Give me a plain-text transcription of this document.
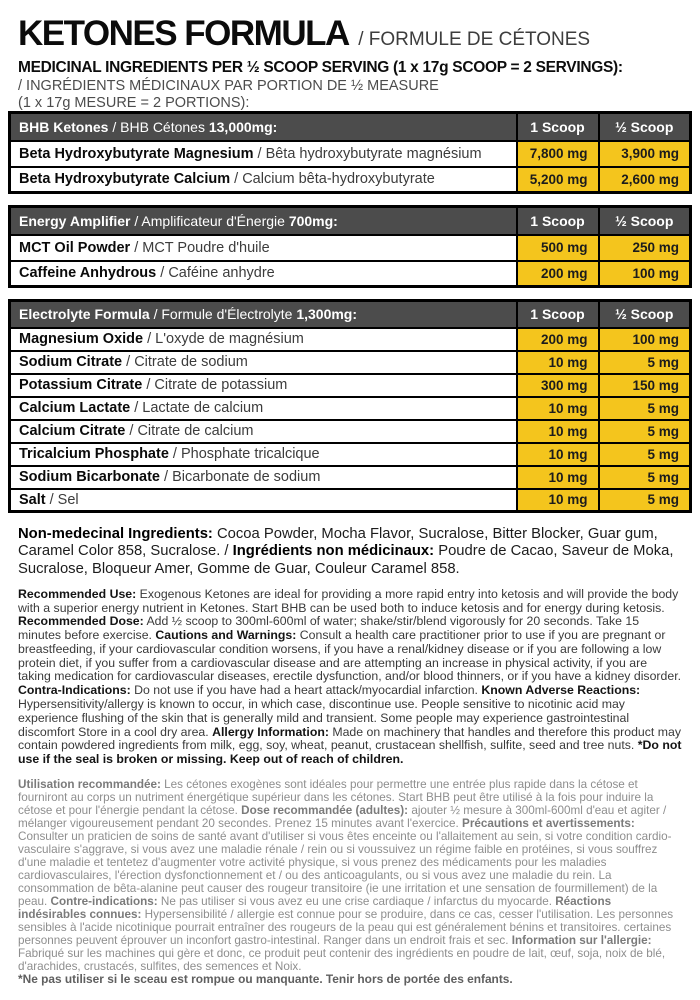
KETONES FORMULA / FORMULE DE CÉTONES
MEDICINAL INGREDIENTS PER ½ SCOOP SERVING (1 x 17g SCOOP = 2 SERVINGS):
/ INGRÉDIENTS MÉDICINAUX PAR PORTION DE ½ MEASURE
(1 x 17g MESURE = 2 PORTIONS):
BHB Ketones / BHB Cétones 13,000mg:	1 Scoop	½ Scoop
Beta Hydroxybutyrate Magnesium / Bêta hydroxybutyrate magnésium	7,800 mg	3,900 mg
Beta Hydroxybutyrate Calcium / Calcium bêta-hydroxybutyrate	5,200 mg	2,600 mg
Energy Amplifier / Amplificateur d'Énergie 700mg:	1 Scoop	½ Scoop
MCT Oil Powder / MCT Poudre d'huile	500 mg	250 mg
Caffeine Anhydrous / Caféine anhydre	200 mg	100 mg
Electrolyte Formula / Formule d'Électrolyte 1,300mg:	1 Scoop	½ Scoop
Magnesium Oxide / L'oxyde de magnésium	200 mg	100 mg
Sodium Citrate / Citrate de sodium	10 mg	5 mg
Potassium Citrate / Citrate de potassium	300 mg	150 mg
Calcium Lactate / Lactate de calcium	10 mg	5 mg
Calcium Citrate / Citrate de calcium	10 mg	5 mg
Tricalcium Phosphate / Phosphate tricalcique	10 mg	5 mg
Sodium Bicarbonate / Bicarbonate de sodium	10 mg	5 mg
Salt / Sel	10 mg	5 mg
Non-medecinal Ingredients: Cocoa Powder, Mocha Flavor, Sucralose, Bitter Blocker, Guar gum, Caramel Color 858, Sucralose. / Ingrédients non médicinaux: Poudre de Cacao, Saveur de Moka, Sucralose, Bloqueur Amer, Gomme de Guar, Couleur Caramel 858.
Recommended Use: Exogenous Ketones are ideal for providing a more rapid entry into ketosis and will provide the body with a superior energy nutrient in Ketones. Start BHB can be used both to induce ketosis and for energy during ketosis. Recommended Dose: Add ½ scoop to 300ml-600ml of water; shake/stir/blend vigorously for 20 seconds. Take 15 minutes before exercise. Cautions and Warnings: Consult a health care practitioner prior to use if you are pregnant or breastfeeding, if your cardiovascular condition worsens, if you have a renal/kidney disease or if you are following a low protein diet, if you suffer from a cardiovascular disease and are attempting an increase in physical activity, if you are taking medication for cardiovascular diseases, erectile dysfunction, and/or blood thinners, or if you have a kidney disorder. Contra-Indications: Do not use if you have had a heart attack/myocardial infarction. Known Adverse Reactions: Hypersensitivity/allergy is known to occur, in which case, discontinue use. People sensitive to nicotinic acid may experience flushing of the skin that is generally mild and transient. Some people may experience gastrointestinal discomfort Store in a cool dry area. Allergy Information: Made on machinery that handles and therefore this product may contain powdered ingredients from milk, egg, soy, wheat, peanut, crustacean shellfish, sulfite, seed and tree nuts. *Do not use if the seal is broken or missing. Keep out of reach of children.
Utilisation recommandée: Les cétones exogènes sont idéales pour permettre une entrée plus rapide dans la cétose et fourniront au corps un nutriment énergétique supérieur dans les cétones. Start BHB peut être utilisé à la fois pour induire la cétose et pour l'énergie pendant la cétose. Dose recommandée (adultes): ajouter ½ mesure à 300ml-600ml d'eau et agiter / mélanger vigoureusement pendant 20 secondes. Prenez 15 minutes avant l'exercice. Précautions et avertissements: Consulter un praticien de soins de santé avant d'utiliser si vous êtes enceinte ou l'allaitement au sein, si votre condition cardio-vasculaire s'aggrave, si vous avez une maladie rénale / rein ou si voussuivez un régime faible en protéines, si vous souffrez d'une maladie et tentetez d'augmenter votre activité physique, si vous prenez des médicaments pour les maladies cardiovasculaires, l'érection dysfonctionnement et / ou des anticoagulants, ou si vous avez une maladie du rein. La consommation de bêta-alanine peut causer des rougeur transitoire (ie une irritation et une sensation de fourmillement) de la peau. Contre-indications: Ne pas utiliser si vous avez eu une crise cardiaque / infarctus du myocarde. Réactions indésirables connues: Hypersensibilité / allergie est connue pour se produire, dans ce cas, cesser l'utilisation. Les personnes sensibles à l'acide nicotinique pourrait entraîner des rougeurs de la peau qui est généralement bénins et transitoires. certaines personnes peuvent éprouver un inconfort gastro-intestinal. Ranger dans un endroit frais et sec. Information sur l'allergie: Fabriqué sur les machines qui gère et donc, ce produit peut contenir des ingrédients en poudre de lait, œuf, soja, noix de blé, d'arachides, crustacés, sulfites, des semences et Noix.
*Ne pas utiliser si le sceau est rompue ou manquante. Tenir hors de portée des enfants.
